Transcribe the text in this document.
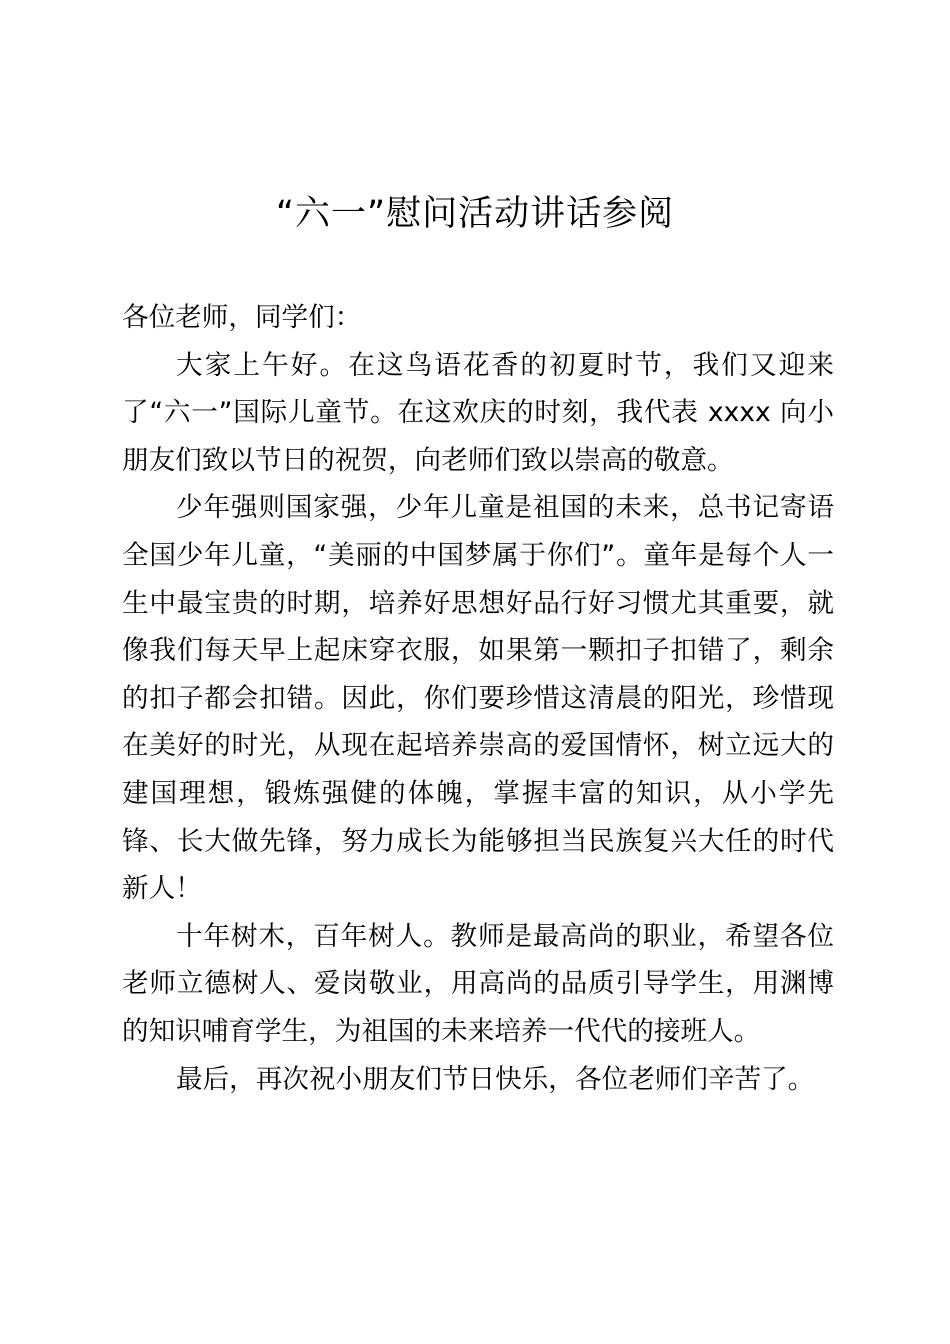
“六一”慰问活动讲话参阅

各位老师，同学们：

大家上午好。在这鸟语花香的初夏时节，我们又迎来了“六一”国际儿童节。在这欢庆的时刻，我代表 xxxx 向小朋友们致以节日的祝贺，向老师们致以崇高的敬意。

少年强则国家强，少年儿童是祖国的未来，总书记寄语全国少年儿童，“美丽的中国梦属于你们”。童年是每个人一生中最宝贵的时期，培养好思想好品行好习惯尤其重要，就像我们每天早上起床穿衣服，如果第一颗扣子扣错了，剩余的扣子都会扣错。因此，你们要珍惜这清晨的阳光，珍惜现在美好的时光，从现在起培养崇高的爱国情怀，树立远大的建国理想，锻炼强健的体魄，掌握丰富的知识，从小学先锋、长大做先锋，努力成长为能够担当民族复兴大任的时代新人！

十年树木，百年树人。教师是最高尚的职业，希望各位老师立德树人、爱岗敬业，用高尚的品质引导学生，用渊博的知识哺育学生，为祖国的未来培养一代代的接班人。

最后，再次祝小朋友们节日快乐，各位老师们辛苦了。
